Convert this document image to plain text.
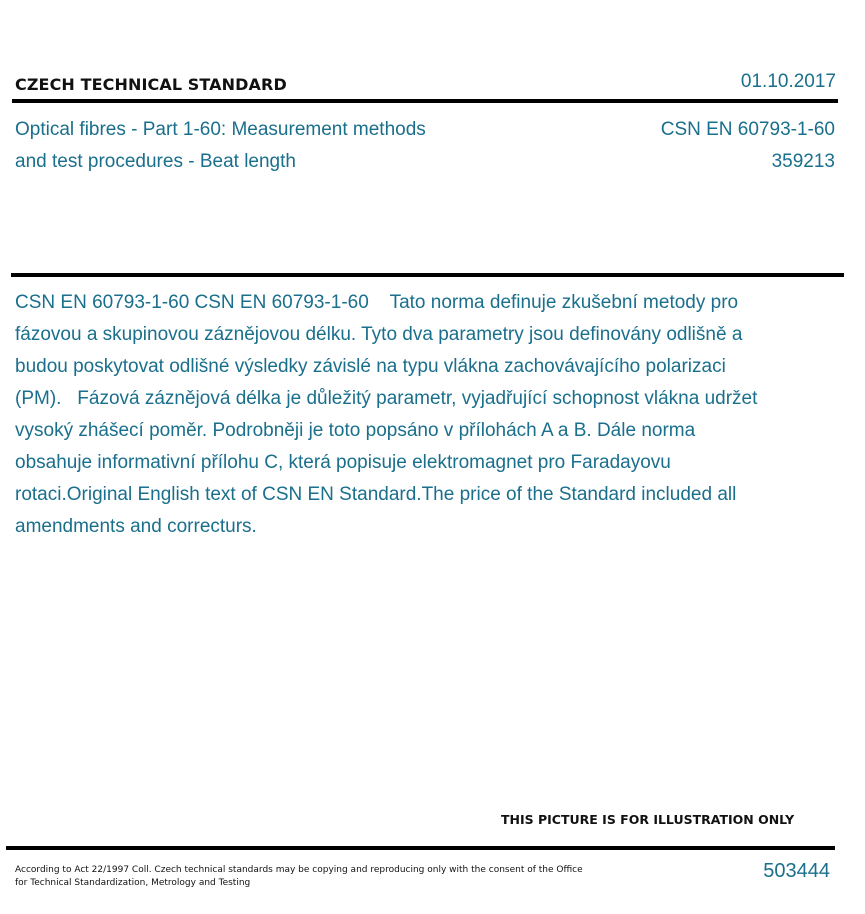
CZECH TECHNICAL STANDARD	01.10.2017
Optical fibres - Part 1-60: Measurement methods
and test procedures - Beat length
CSN EN 60793-1-60
359213
CSN EN 60793-1-60 CSN EN 60793-1-60    Tato norma definuje zkušební metody pro fázovou a skupinovou záznějovou délku. Tyto dva parametry jsou definovány odlišně a budou poskytovat odlišné výsledky závislé na typu vlákna zachovávajícího polarizaci (PM).   Fázová záznějová délka je důležitý parametr, vyjadřující schopnost vlákna udržet vysoký zhášecí poměr. Podrobněji je toto popsáno v přílohách A a B. Dále norma obsahuje informativní přílohu C, která popisuje elektromagnet pro Faradayovu rotaci.Original English text of CSN EN Standard.The price of the Standard included all amendments and correcturs.
THIS PICTURE IS FOR ILLUSTRATION ONLY
According to Act 22/1997 Coll. Czech technical standards may be copying and reproducing only with the consent of the Office
for Technical Standardization, Metrology and Testing
503444
